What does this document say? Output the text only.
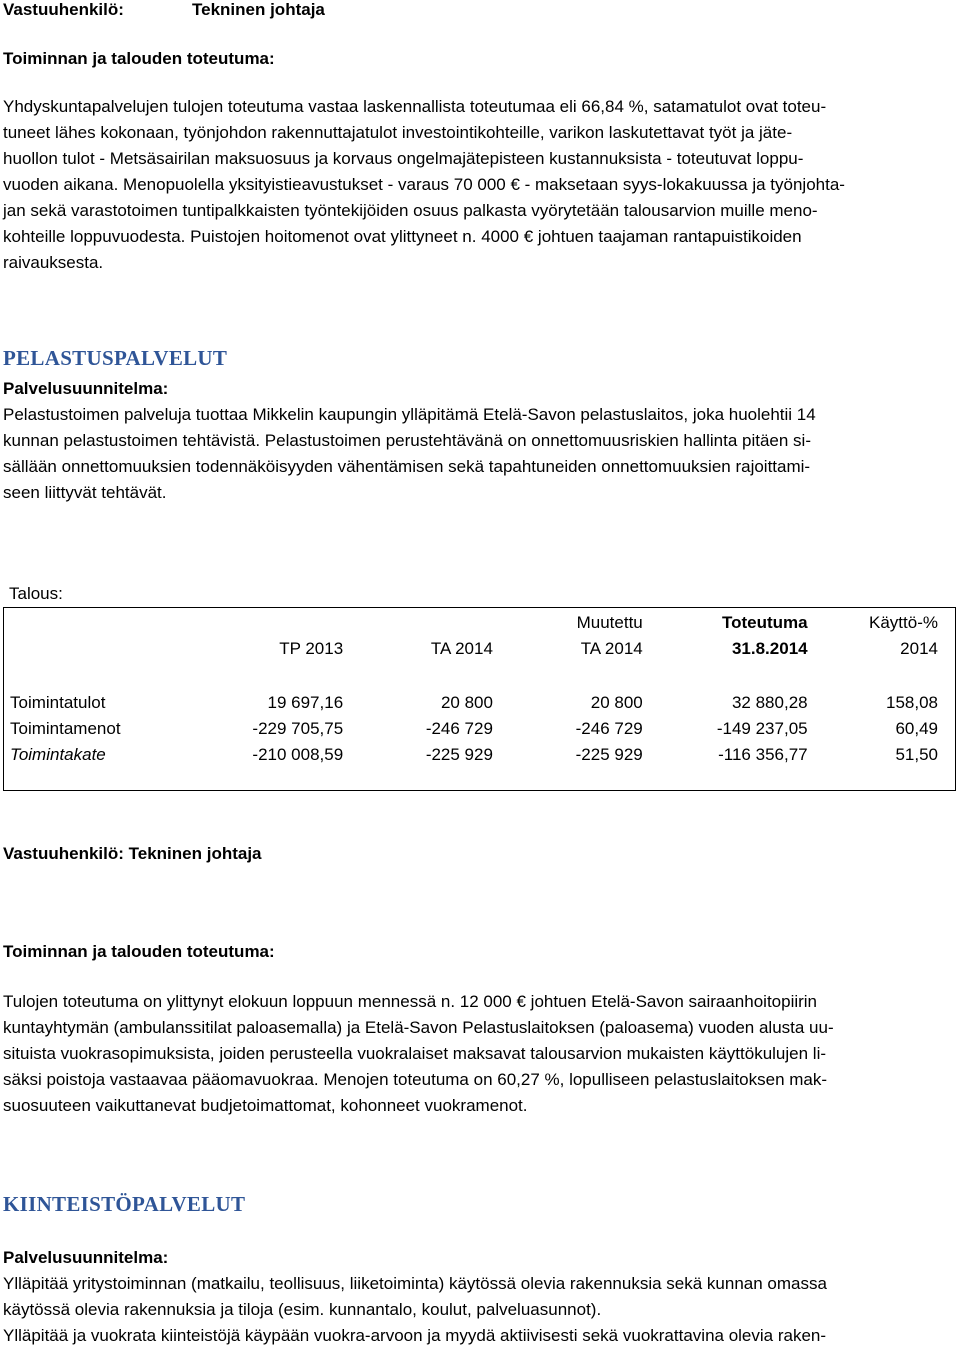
Vastuuhenkilö:	Tekninen johtaja
Toiminnan ja talouden toteutuma:
Yhdyskuntapalvelujen tulojen toteutuma vastaa laskennallista toteutumaa eli 66,84 %, satamatulot ovat toteu-
tuneet lähes kokonaan, työnjohdon rakennuttajatulot investointikohteille, varikon laskutettavat työt ja jäte-
huollon tulot - Metsäsairilan maksuosuus ja korvaus ongelmajätepisteen kustannuksista - toteutuvat loppu-
vuoden aikana. Menopuolella yksityistieavustukset - varaus 70 000 € - maksetaan syys-lokakuussa ja työnjohta-
jan sekä varastotoimen tuntipalkkaisten työntekijöiden osuus palkasta vyörytetään talousarvion muille meno-
kohteille loppuvuodesta. Puistojen hoitomenot ovat ylittyneet n. 4000 € johtuen taajaman rantapuistikoiden
raivauksesta.
PELASTUSPALVELUT
Palvelusuunnitelma:
Pelastustoimen palveluja tuottaa Mikkelin kaupungin ylläpitämä Etelä-Savon pelastuslaitos, joka huolehtii 14
kunnan pelastustoimen tehtävistä. Pelastustoimen perustehtävänä on onnettomuusriskien hallinta pitäen si-
sällään onnettomuuksien todennäköisyyden vähentämisen sekä tapahtuneiden onnettomuuksien rajoittami-
seen liittyvät tehtävät.
Talous:
			Muutettu	Toteutuma	Käyttö-%
	TP 2013	TA 2014	TA 2014	31.8.2014	2014
Toimintatulot	19 697,16	20 800	20 800	32 880,28	158,08
Toimintamenot	-229 705,75	-246 729	-246 729	-149 237,05	60,49
Toimintakate	-210 008,59	-225 929	-225 929	-116 356,77	51,50

Vastuuhenkilö: Tekninen johtaja
Toiminnan ja talouden toteutuma:
Tulojen toteutuma on ylittynyt elokuun loppuun mennessä n. 12 000 € johtuen Etelä-Savon sairaanhoitopiirin
kuntayhtymän (ambulanssitilat paloasemalla) ja Etelä-Savon Pelastuslaitoksen (paloasema) vuoden alusta uu-
situista vuokrasopimuksista, joiden perusteella vuokralaiset maksavat talousarvion mukaisten käyttökulujen li-
säksi poistoja vastaavaa pääomavuokraa. Menojen toteutuma on 60,27 %, lopulliseen pelastuslaitoksen mak-
suosuuteen vaikuttanevat budjetoimattomat, kohonneet vuokramenot.
KIINTEISTÖPALVELUT
Palvelusuunnitelma:
Ylläpitää yritystoiminnan (matkailu, teollisuus, liiketoiminta) käytössä olevia rakennuksia sekä kunnan omassa
käytössä olevia rakennuksia ja tiloja (esim. kunnantalo, koulut, palveluasunnot).
Ylläpitää ja vuokrata kiinteistöjä käypään vuokra-arvoon ja myydä aktiivisesti sekä vuokrattavina olevia raken-
